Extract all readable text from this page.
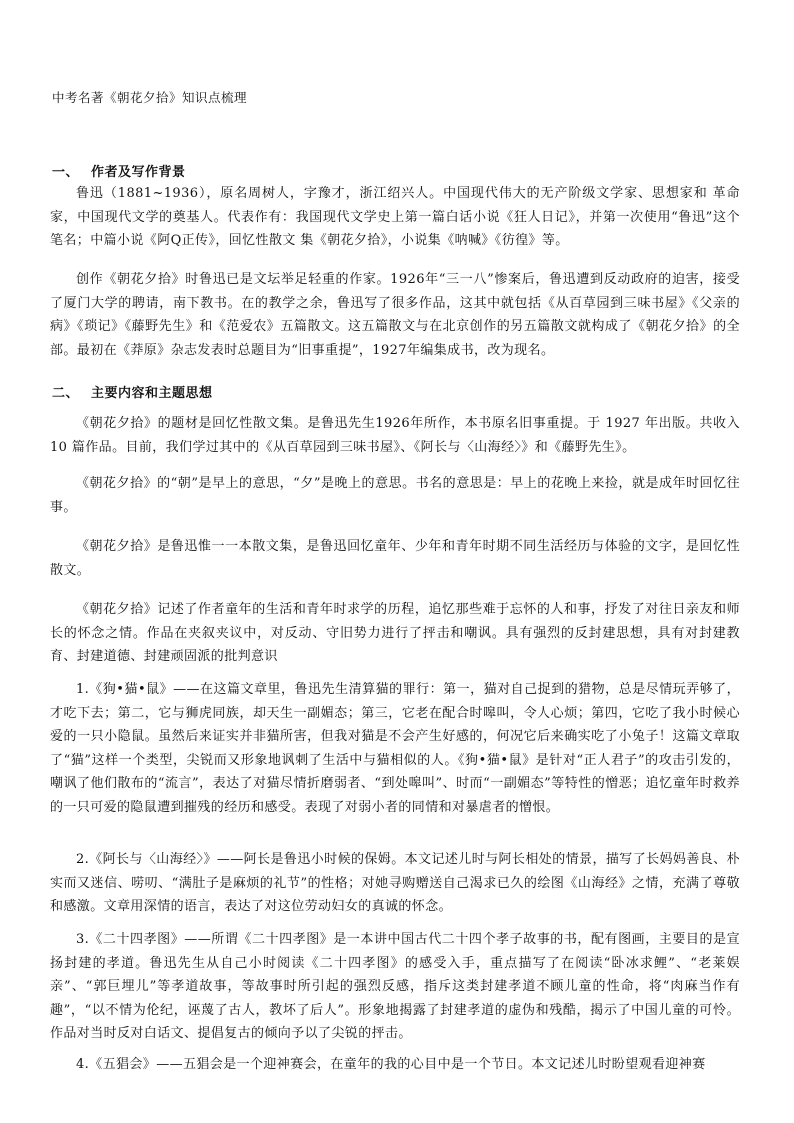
中考名著《朝花夕拾》知识点梳理
一、 作者及写作背景

鲁迅（1881~1936），原名周树人，字豫才，浙江绍兴人。中国现代伟大的无产阶级文学家、思想家和 革命家，中国现代文学的奠基人。代表作有：我国现代文学史上第一篇白话小说《狂人日记》，并第一次使用“鲁迅”这个笔名；中篇小说《阿Q正传》，回忆性散文 集《朝花夕拾》，小说集《呐喊》《彷徨》等。

创作《朝花夕拾》时鲁迅已是文坛举足轻重的作家。1926年“三一八”惨案后，鲁迅遭到反动政府的迫害，接受了厦门大学的聘请，南下教书。在的教学之余，鲁迅写了很多作品，这其中就包括《从百草园到三味书屋》《父亲的病》《琐记》《藤野先生》和《范爱农》五篇散文。这五篇散文与在北京创作的另五篇散文就构成了《朝花夕拾》的全部。最初在《莽原》杂志发表时总题目为“旧事重提”，1927年编集成书，改为现名。

二、 主要内容和主题思想

《朝花夕拾》的题材是回忆性散文集。是鲁迅先生1926年所作，本书原名旧事重提。于 1927 年出版。共收入 10 篇作品。目前，我们学过其中的《从百草园到三味书屋》、《阿长与〈山海经〉》和《藤野先生》。

《朝花夕拾》的“朝”是早上的意思，“夕”是晚上的意思。书名的意思是：早上的花晚上来捡，就是成年时回忆往事。

《朝花夕拾》是鲁迅惟一一本散文集，是鲁迅回忆童年、少年和青年时期不同生活经历与体验的文字，是回忆性散文。

《朝花夕拾》记述了作者童年的生活和青年时求学的历程，追忆那些难于忘怀的人和事，抒发了对往日亲友和师长的怀念之情。作品在夹叙夹议中，对反动、守旧势力进行了抨击和嘲讽。具有强烈的反封建思想，具有对封建教育、封建道德、封建顽固派的批判意识

1.《狗•猫•鼠》——在这篇文章里，鲁迅先生清算猫的罪行：第一，猫对自己捉到的猎物，总是尽情玩弄够了，才吃下去；第二，它与狮虎同族，却天生一副媚态；第三，它老在配合时嗥叫，令人心烦；第四，它吃了我小时候心爱的一只小隐鼠。虽然后来证实并非猫所害，但我对猫是不会产生好感的，何况它后来确实吃了小兔子！这篇文章取了“猫”这样一个类型，尖锐而又形象地讽刺了生活中与猫相似的人。《狗•猫•鼠》是针对“正人君子”的攻击引发的，嘲讽了他们散布的“流言”，表达了对猫尽情折磨弱者、“到处嗥叫”、时而“一副媚态”等特性的憎恶；追忆童年时救养的一只可爱的隐鼠遭到摧残的经历和感受。表现了对弱小者的同情和对暴虐者的憎恨。

2.《阿长与〈山海经〉》——阿长是鲁迅小时候的保姆。本文记述儿时与阿长相处的情景，描写了长妈妈善良、朴实而又迷信、唠叨、“满肚子是麻烦的礼节”的性格；对她寻购赠送自己渴求已久的绘图《山海经》之情，充满了尊敬和感激。文章用深情的语言，表达了对这位劳动妇女的真诚的怀念。

3.《二十四孝图》——所谓《二十四孝图》是一本讲中国古代二十四个孝子故事的书，配有图画，主要目的是宣扬封建的孝道。鲁迅先生从自己小时阅读《二十四孝图》的感受入手，重点描写了在阅读“卧冰求鲤”、“老莱娱亲”、“郭巨埋儿”等孝道故事，等故事时所引起的强烈反感，指斥这类封建孝道不顾儿童的性命，将“肉麻当作有趣”，“以不情为伦纪，诬蔑了古人，教坏了后人”。形象地揭露了封建孝道的虚伪和残酷，揭示了中国儿童的可怜。作品对当时反对白话文、提倡复古的倾向予以了尖锐的抨击。

4.《五猖会》——五猖会是一个迎神赛会，在童年的我的心目中是一个节日。本文记述儿时盼望观看迎神赛
